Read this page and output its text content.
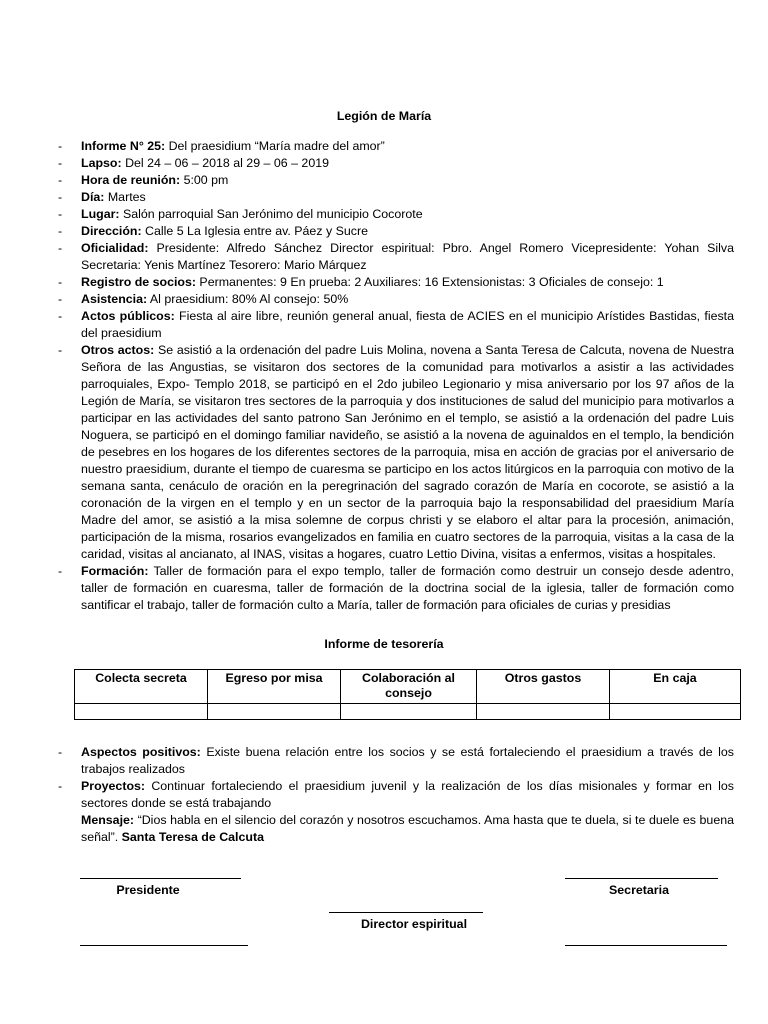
Legión de María
- Informe N° 25: Del praesidium “María madre del amor”
- Lapso: Del 24 – 06 – 2018 al 29 – 06 – 2019
- Hora de reunión: 5:00 pm
- Día: Martes
- Lugar: Salón parroquial San Jerónimo del municipio Cocorote
- Dirección: Calle 5 La Iglesia entre av. Páez y Sucre
- Oficialidad: Presidente: Alfredo Sánchez Director espiritual: Pbro. Angel Romero Vicepresidente: Yohan Silva Secretaria: Yenis Martínez Tesorero: Mario Márquez
- Registro de socios: Permanentes: 9 En prueba: 2 Auxiliares: 16 Extensionistas: 3 Oficiales de consejo: 1
- Asistencia: Al praesidium: 80% Al consejo: 50%
- Actos públicos: Fiesta al aire libre, reunión general anual, fiesta de ACIES en el municipio Arístides Bastidas, fiesta del praesidium
- Otros actos: Se asistió a la ordenación del padre Luis Molina, novena a Santa Teresa de Calcuta, novena de Nuestra Señora de las Angustias, se visitaron dos sectores de la comunidad para motivarlos a asistir a las actividades parroquiales, Expo- Templo 2018, se participó en el 2do jubileo Legionario y misa aniversario por los 97 años de la Legión de María, se visitaron tres sectores de la parroquia y dos instituciones de salud del municipio para motivarlos a participar en las actividades del santo patrono San Jerónimo en el templo, se asistió a la ordenación del padre Luis Noguera, se participó en el domingo familiar navideño, se asistió a la novena de aguinaldos en el templo, la bendición de pesebres en los hogares de los diferentes sectores de la parroquia, misa en acción de gracias por el aniversario de nuestro praesidium, durante el tiempo de cuaresma se participo en los actos litúrgicos en la parroquia con motivo de la semana santa, cenáculo de oración en la peregrinación del sagrado corazón de María en cocorote, se asistió a la coronación de la virgen en el templo y en un sector de la parroquia bajo la responsabilidad del praesidium María Madre del amor, se asistió a la misa solemne de corpus christi y se elaboro el altar para la procesión, animación, participación de la misma, rosarios evangelizados en familia en cuatro sectores de la parroquia, visitas a la casa de la caridad, visitas al ancianato, al INAS, visitas a hogares, cuatro Lettio Divina, visitas a enfermos, visitas a hospitales.
- Formación: Taller de formación para el expo templo, taller de formación como destruir un consejo desde adentro, taller de formación en cuaresma, taller de formación de la doctrina social de la iglesia, taller de formación como santificar el trabajo, taller de formación culto a María, taller de formación para oficiales de curias y presidias
Informe de tesorería
Colecta secreta	Egreso por misa	Colaboración al consejo	Otros gastos	En caja

- Aspectos positivos: Existe buena relación entre los socios y se está fortaleciendo el praesidium a través de los trabajos realizados
- Proyectos: Continuar fortaleciendo el praesidium juvenil y la realización de los días misionales y formar en los sectores donde se está trabajando
Mensaje: “Dios habla en el silencio del corazón y nosotros escuchamos. Ama hasta que te duela, si te duele es buena señal”. Santa Teresa de Calcuta
Presidente	Secretaria
Director espiritual
